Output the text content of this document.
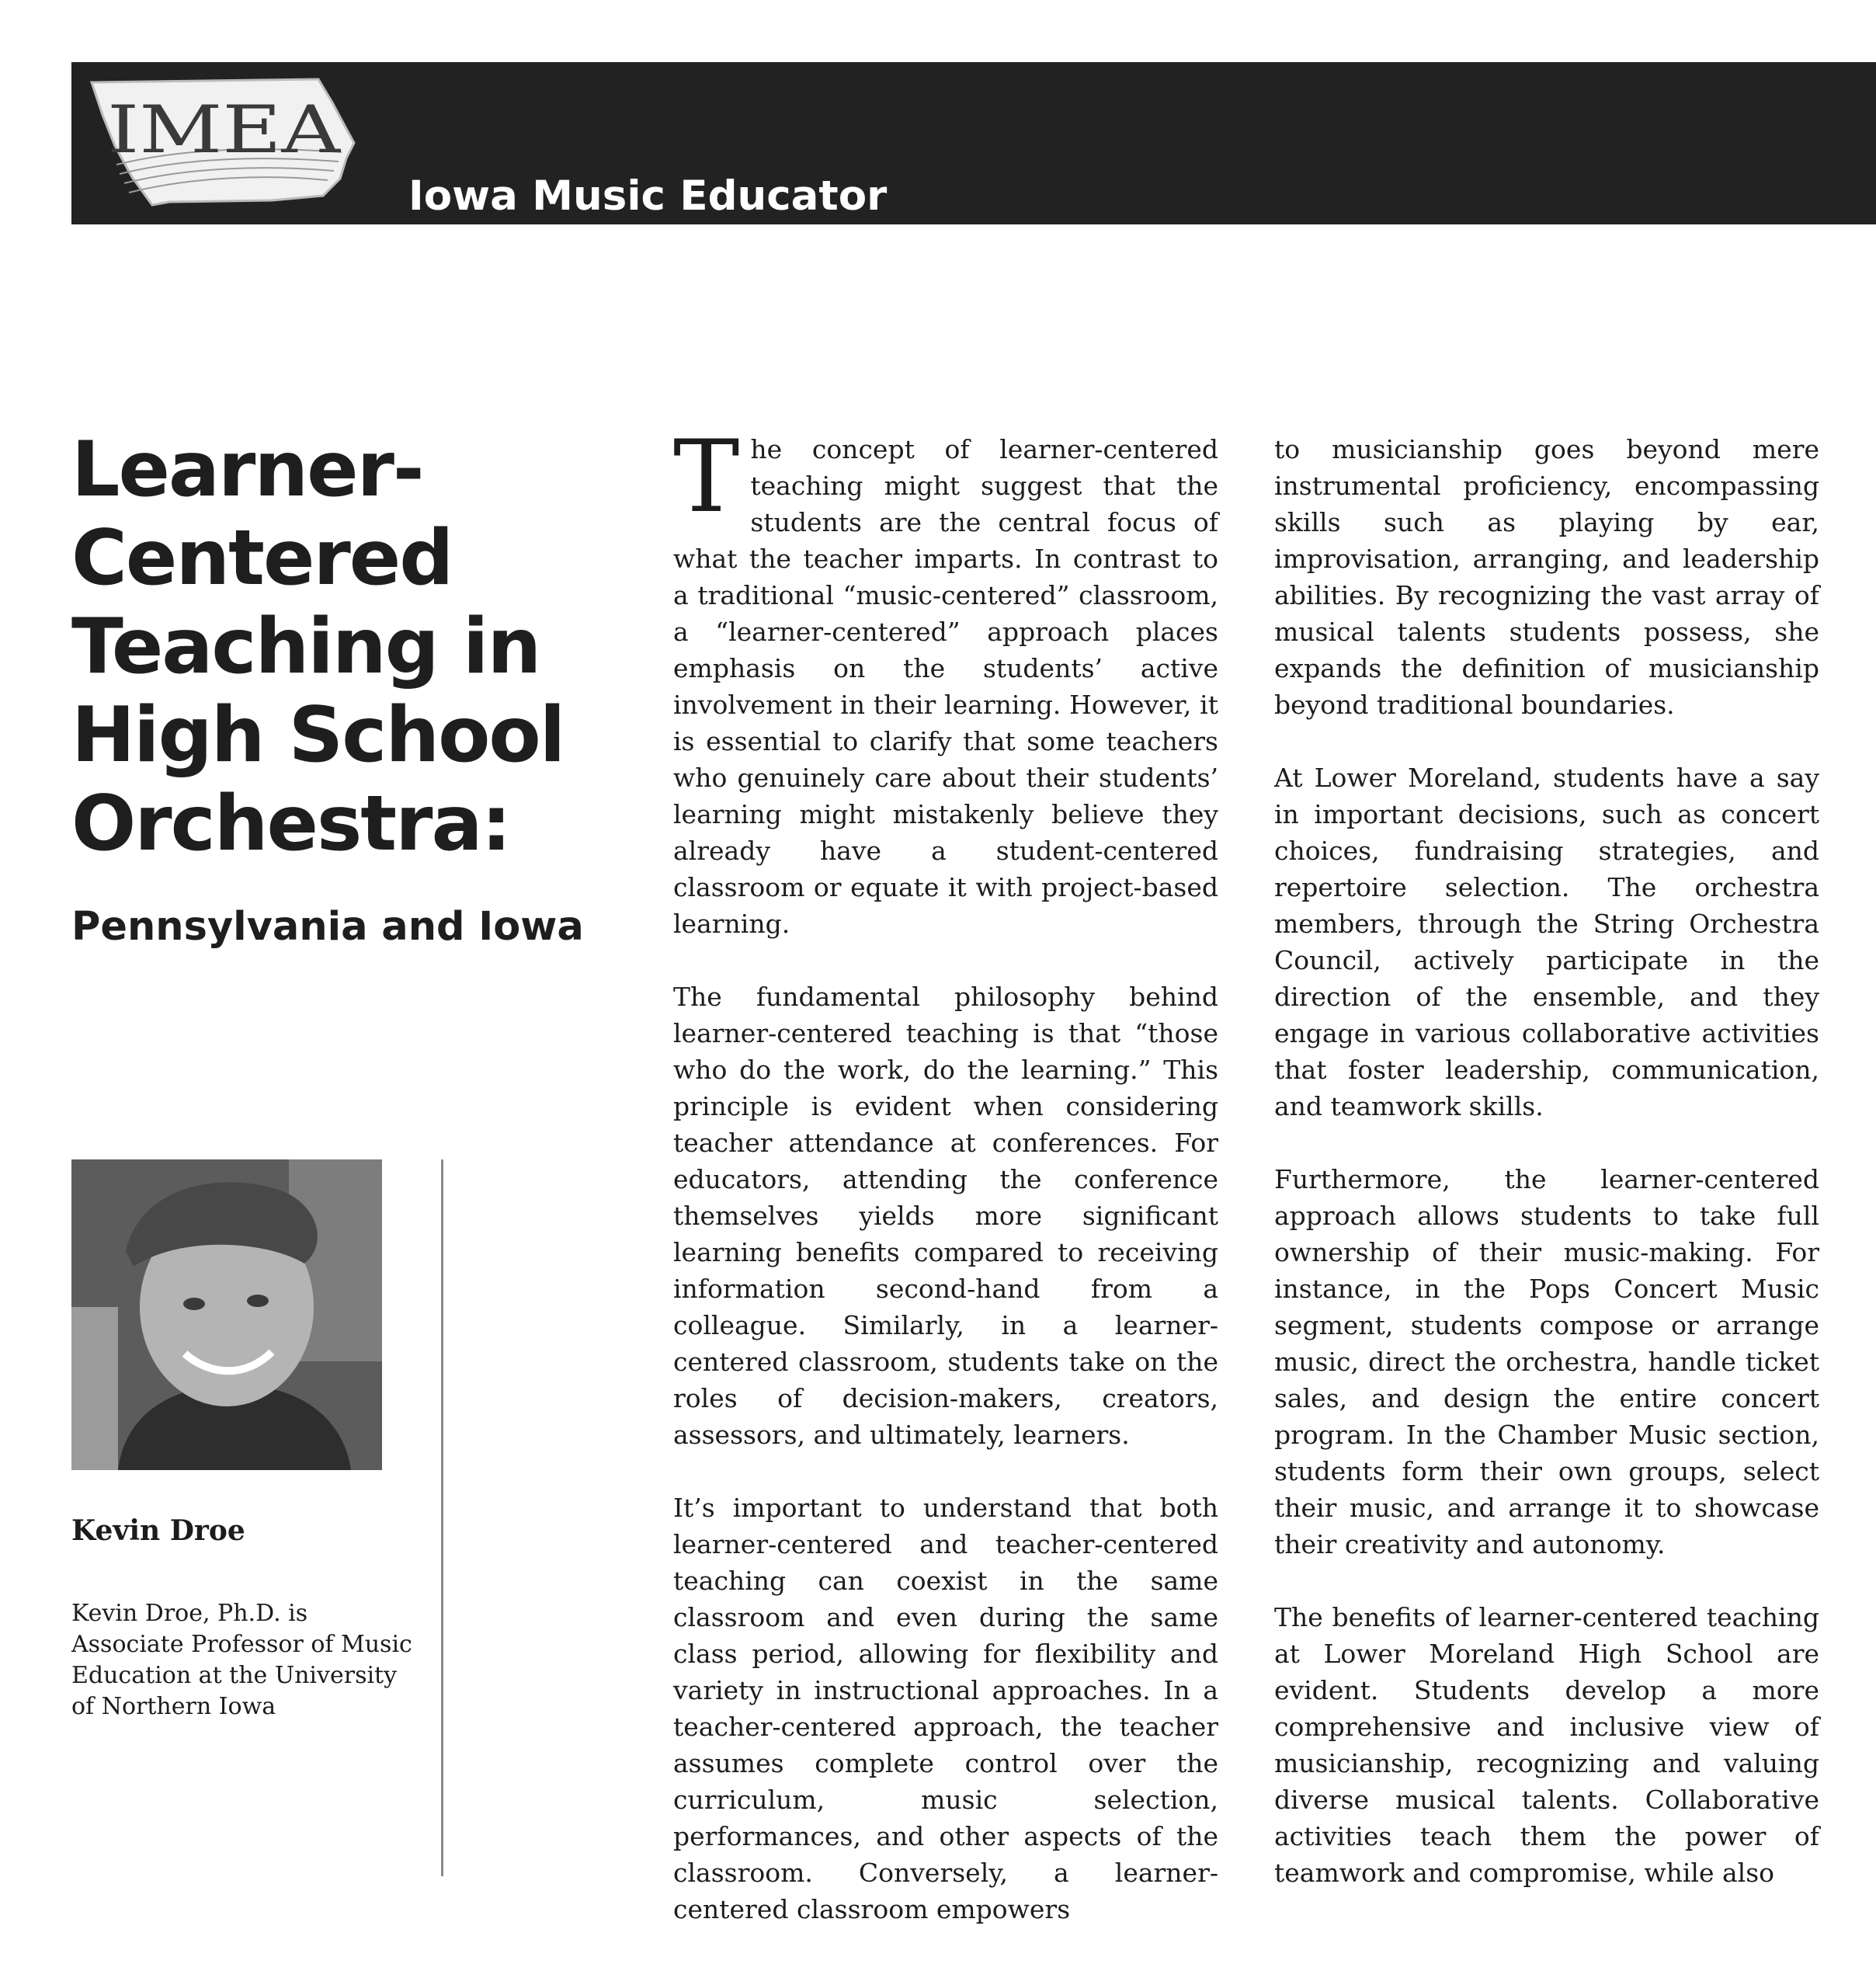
IMEA
Iowa Music Educator
Learner-
Centered
Teaching in
High School
Orchestra:
Pennsylvania and Iowa
Kevin Droe
Kevin Droe, Ph.D. is Associate Professor of Music Education at the University of Northern Iowa

The concept of learner-centered teaching might suggest that the students are the central focus of what the teacher imparts. In contrast to a traditional “music-centered” classroom, a “learner-centered” approach places emphasis on the students’ active involvement in their learning. However, it is essential to clarify that some teachers who genuinely care about their students’ learning might mistakenly believe they already have a student-centered classroom or equate it with project-based learning.

The fundamental philosophy behind learner-centered teaching is that “those who do the work, do the learning.” This principle is evident when considering teacher attendance at conferences. For educators, attending the conference themselves yields more significant learning benefits compared to receiving information second-hand from a colleague. Similarly, in a learner-centered classroom, students take on the roles of decision-makers, creators, assessors, and ultimately, learners.

It’s important to understand that both learner-centered and teacher-centered teaching can coexist in the same classroom and even during the same class period, allowing for flexibility and variety in instructional approaches. In a teacher-centered approach, the teacher assumes complete control over the curriculum, music selection, performances, and other aspects of the classroom. Conversely, a learner-centered classroom empowers

to musicianship goes beyond mere instrumental proficiency, encompassing skills such as playing by ear, improvisation, arranging, and leadership abilities. By recognizing the vast array of musical talents students possess, she expands the definition of musicianship beyond traditional boundaries.

At Lower Moreland, students have a say in important decisions, such as concert choices, fundraising strategies, and repertoire selection. The orchestra members, through the String Orchestra Council, actively participate in the direction of the ensemble, and they engage in various collaborative activities that foster leadership, communication, and teamwork skills.

Furthermore, the learner-centered approach allows students to take full ownership of their music-making. For instance, in the Pops Concert Music segment, students compose or arrange music, direct the orchestra, handle ticket sales, and design the entire concert program. In the Chamber Music section, students form their own groups, select their music, and arrange it to showcase their creativity and autonomy.

The benefits of learner-centered teaching at Lower Moreland High School are evident. Students develop a more comprehensive and inclusive view of musicianship, recognizing and valuing diverse musical talents. Collaborative activities teach them the power of teamwork and compromise, while also
